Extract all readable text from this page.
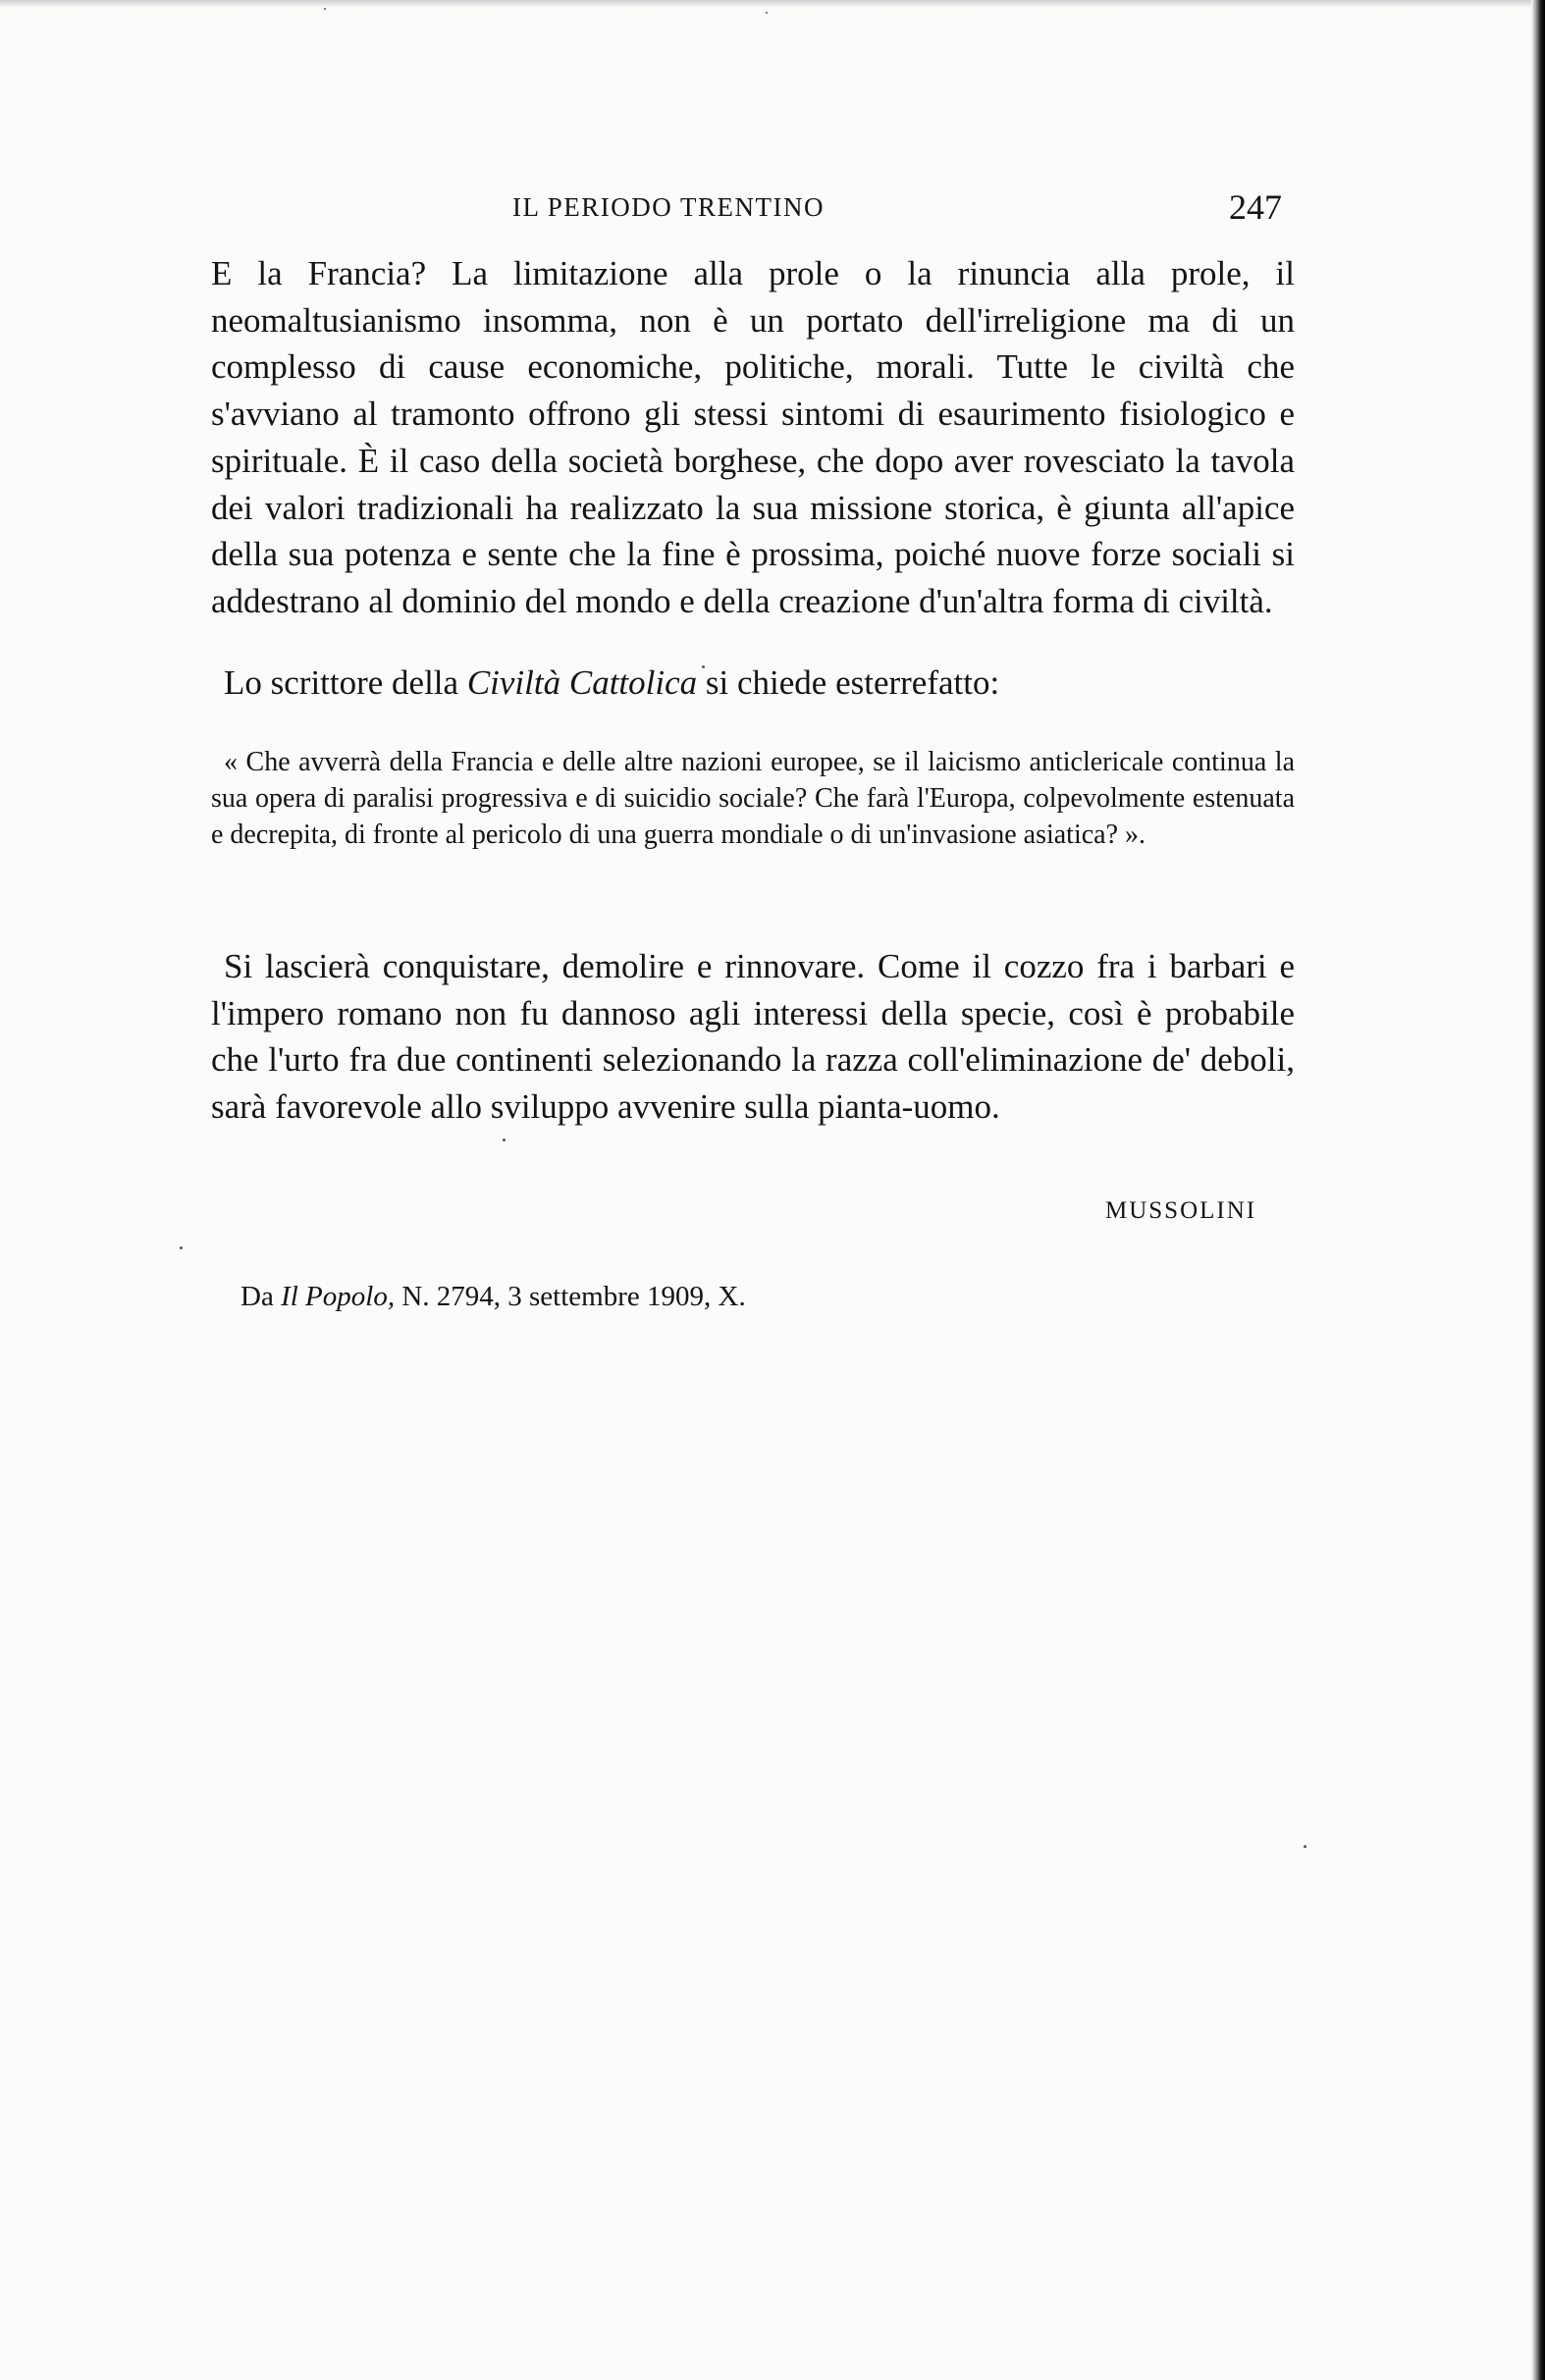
IL PERIODO TRENTINO	247

E la Francia? La limitazione alla prole o la rinuncia alla prole, il neomaltusianismo insomma, non è un portato dell'irreligione ma di un complesso di cause economiche, politiche, morali. Tutte le civiltà che s'avviano al tramonto offrono gli stessi sintomi di esaurimento fisiologico e spirituale. È il caso della società borghese, che dopo aver rovesciato la tavola dei valori tradizionali ha realizzato la sua missione storica, è giunta all'apice della sua potenza e sente che la fine è prossima, poiché nuove forze sociali si addestrano al dominio del mondo e della creazione d'un'altra forma di civiltà.

Lo scrittore della Civiltà Cattolica si chiede esterrefatto:

« Che avverrà della Francia e delle altre nazioni europee, se il laicismo anticlericale continua la sua opera di paralisi progressiva e di suicidio sociale? Che farà l'Europa, colpevolmente estenuata e decrepita, di fronte al pericolo di una guerra mondiale o di un'invasione asiatica? ».

Si lascierà conquistare, demolire e rinnovare. Come il cozzo fra i barbari e l'impero romano non fu dannoso agli interessi della specie, così è probabile che l'urto fra due continenti selezionando la razza coll'eliminazione de' deboli, sarà favorevole allo sviluppo avvenire sulla pianta-uomo.

MUSSOLINI
Da Il Popolo, N. 2794, 3 settembre 1909, X.
